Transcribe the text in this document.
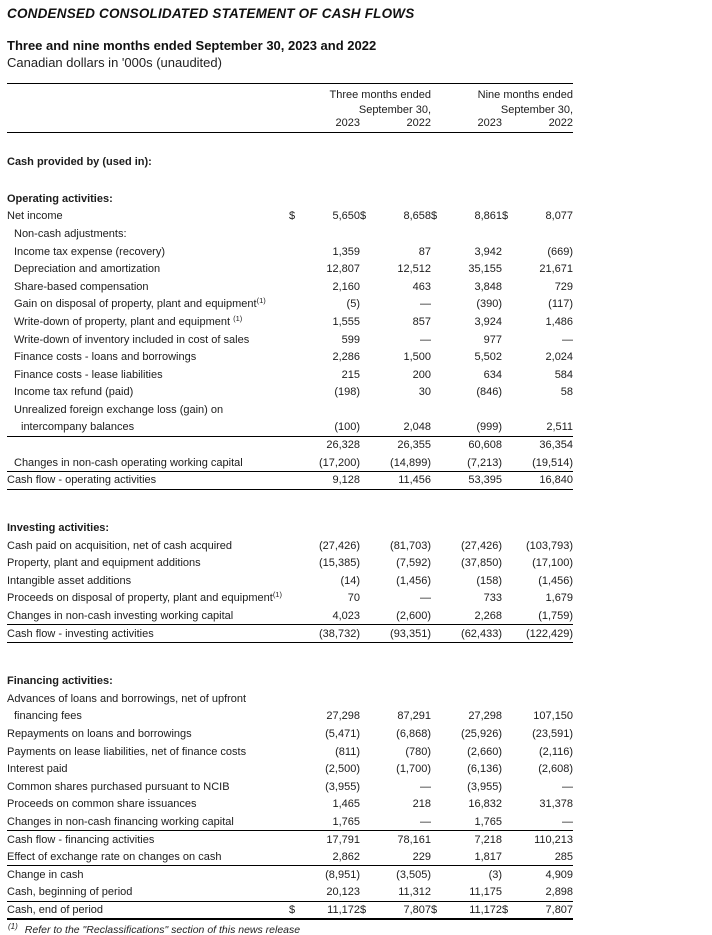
CONDENSED CONSOLIDATED STATEMENT OF CASH FLOWS
Three and nine months ended September 30, 2023 and 2022
Canadian dollars in '000s (unaudited)
	Three months ended				Nine months ended			
	September 30,				September 30,			
		2023		2022		2023		2022

Cash provided by (used in):								

Operating activities:								
Net income	$	5,650	$	8,658	$	8,861	$	8,077
Non-cash adjustments:								
Income tax expense (recovery)		1,359		87		3,942		(669)
Depreciation and amortization		12,807		12,512		35,155		21,671
Share-based compensation		2,160		463		3,848		729
Gain on disposal of property, plant and equipment$^{(1)}$		(5)		—		(390)		(117)
Write-down of property, plant and equipment $^{(1)}$		1,555		857		3,924		1,486
Write-down of inventory included in cost of sales		599		—		977		—
Finance costs - loans and borrowings		2,286		1,500		5,502		2,024
Finance costs - lease liabilities		215		200		634		584
Income tax refund (paid)		(198)		30		(846)		58
Unrealized foreign exchange loss (gain) on								
intercompany balances		(100)		2,048		(999)		2,511
		26,328		26,355		60,608		36,354
Changes in non-cash operating working capital		(17,200)		(14,899)		(7,213)		(19,514)
Cash flow - operating activities		9,128		11,456		53,395		16,840

Investing activities:								
Cash paid on acquisition, net of cash acquired		(27,426)		(81,703)		(27,426)		(103,793)
Property, plant and equipment additions		(15,385)		(7,592)		(37,850)		(17,100)
Intangible asset additions		(14)		(1,456)		(158)		(1,456)
Proceeds on disposal of property, plant and equipment$^{(1)}$		70		—		733		1,679
Changes in non-cash investing working capital		4,023		(2,600)		2,268		(1,759)
Cash flow - investing activities		(38,732)		(93,351)		(62,433)		(122,429)

Financing activities:								
Advances of loans and borrowings, net of upfront								
financing fees		27,298		87,291		27,298		107,150
Repayments on loans and borrowings		(5,471)		(6,868)		(25,926)		(23,591)
Payments on lease liabilities, net of finance costs		(811)		(780)		(2,660)		(2,116)
Interest paid		(2,500)		(1,700)		(6,136)		(2,608)
Common shares purchased pursuant to NCIB		(3,955)		—		(3,955)		—
Proceeds on common share issuances		1,465		218		16,832		31,378
Changes in non-cash financing working capital		1,765		—		1,765		—
Cash flow - financing activities		17,791		78,161		7,218		110,213
Effect of exchange rate on changes on cash		2,862		229		1,817		285
Change in cash		(8,951)		(3,505)		(3)		4,909
Cash, beginning of period		20,123		11,312		11,175		2,898
Cash, end of period	$	11,172	$	7,807	$	11,172	$	7,807
$^{(1)}$ Refer to the "Reclassifications" section of this news release
